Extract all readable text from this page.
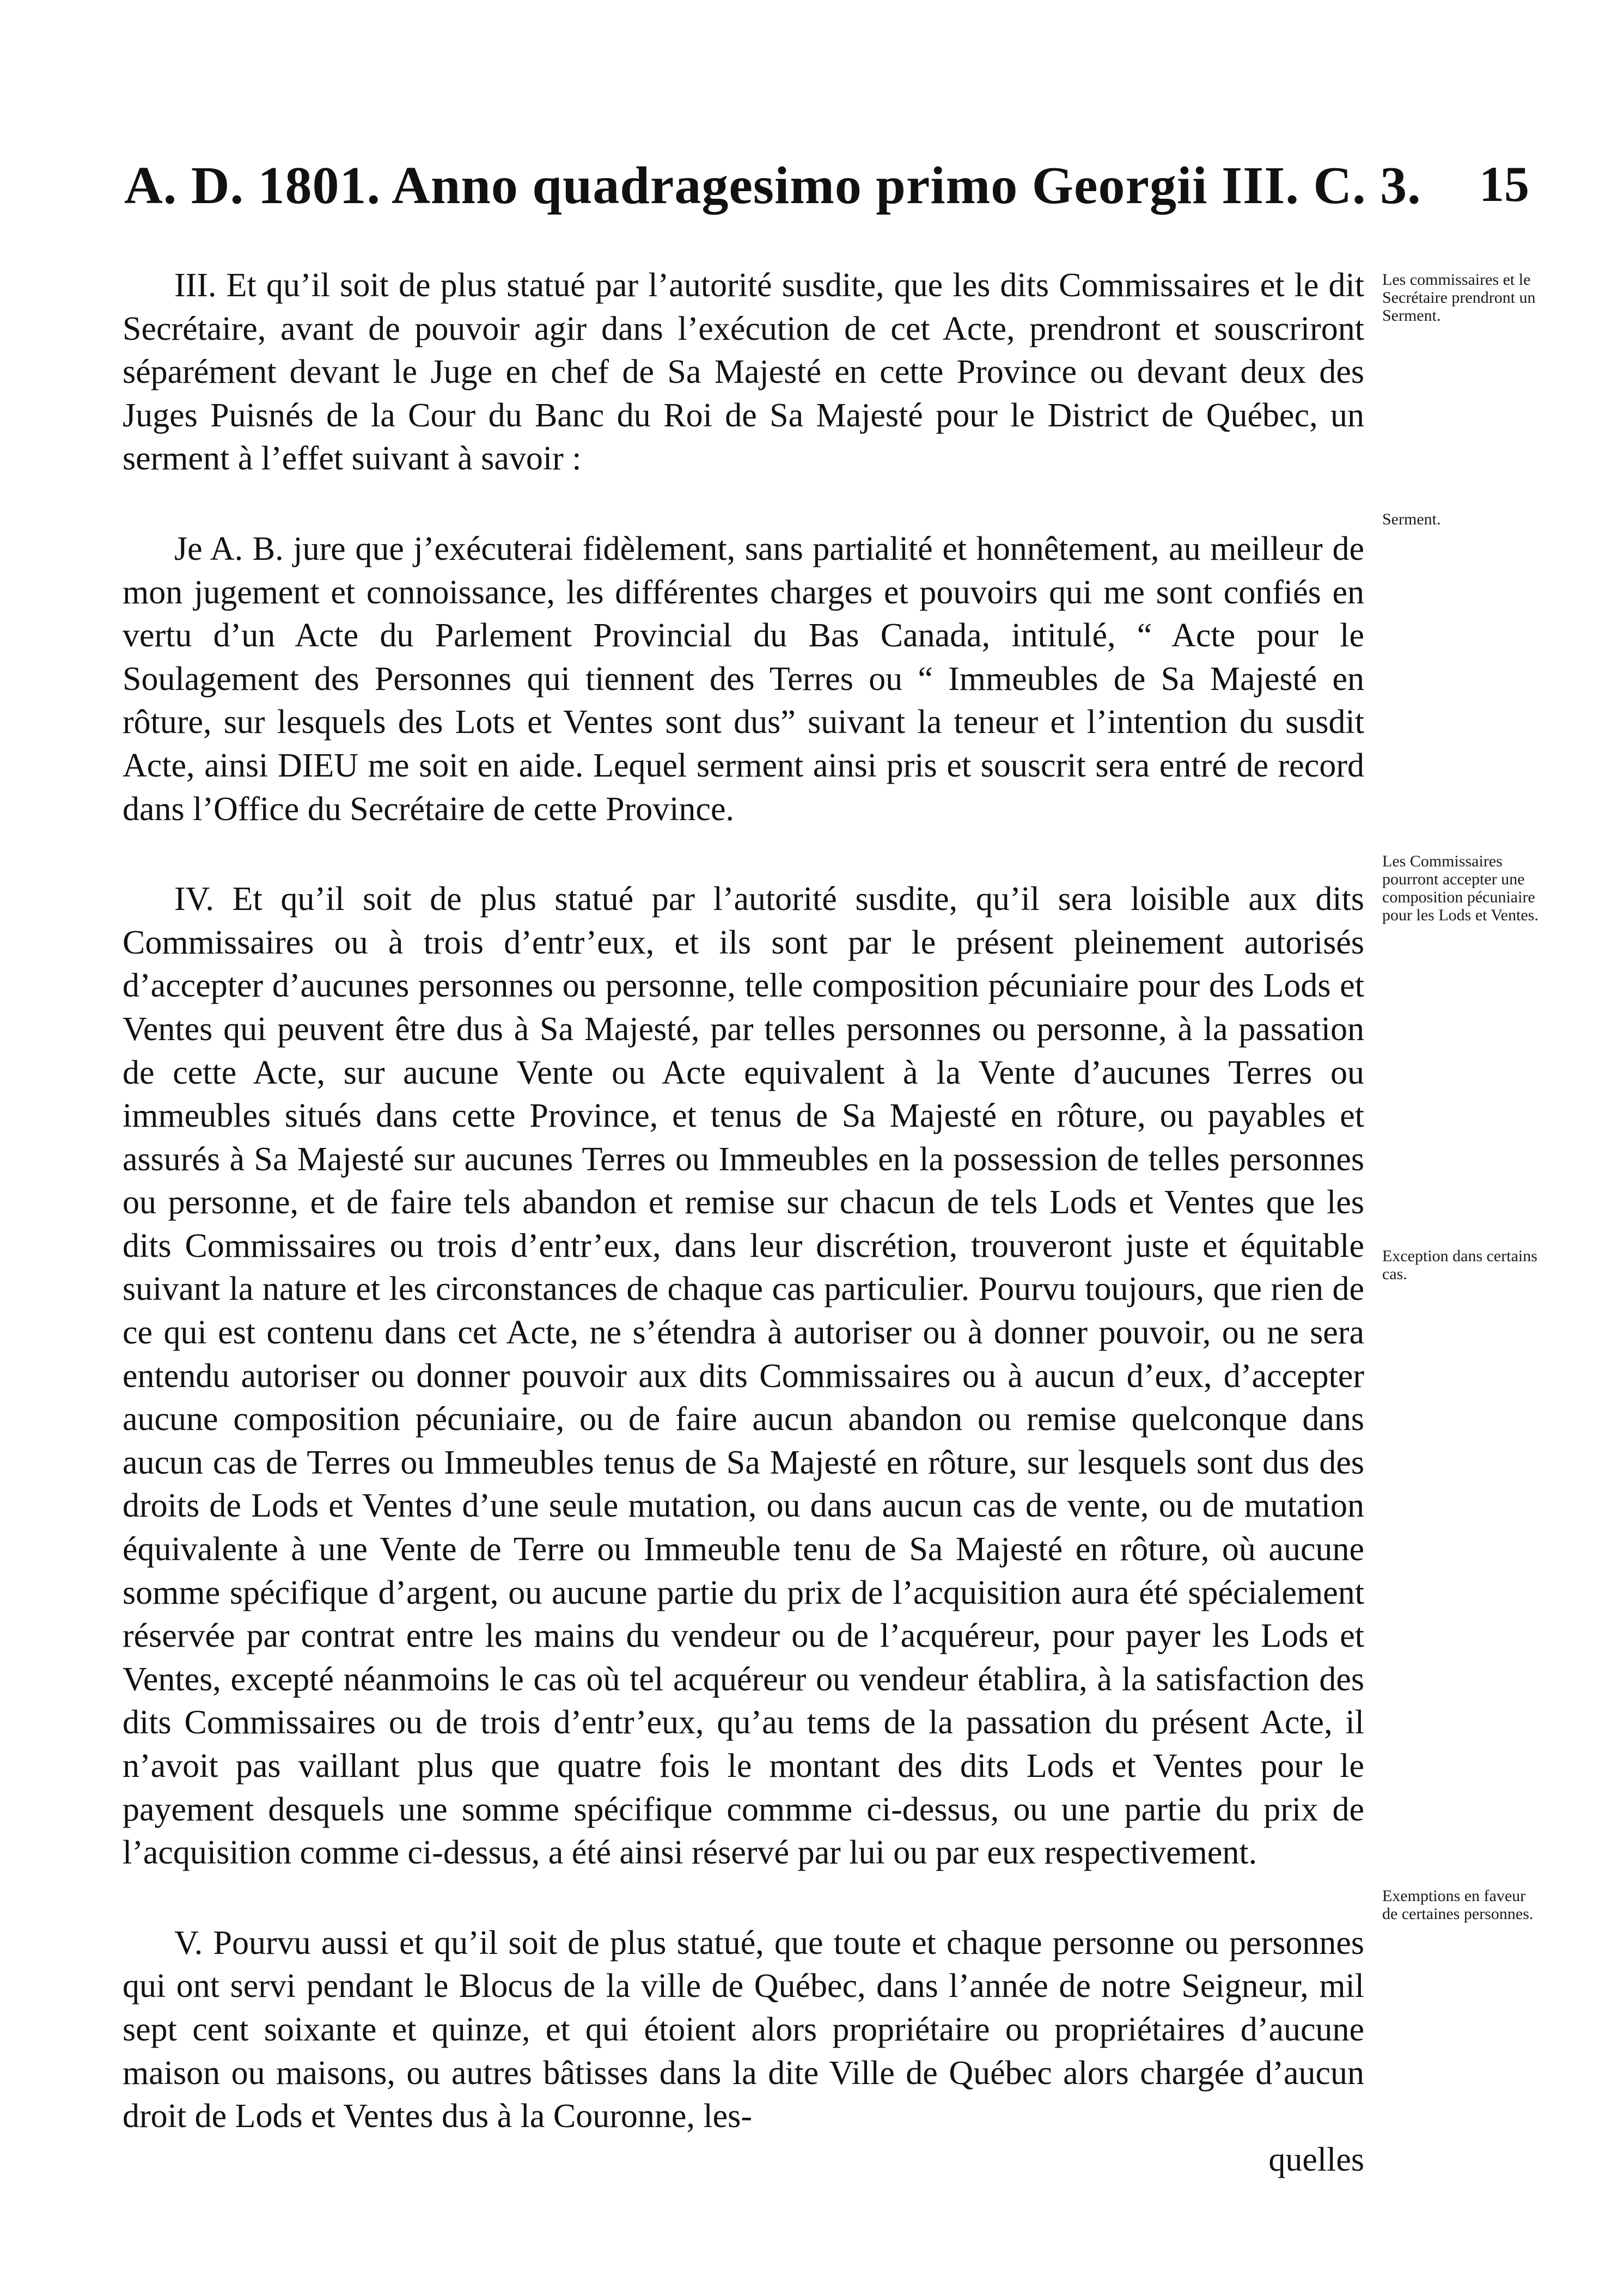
A. D. 1801. Anno quadragesimo primo Georgii III. C. 3. 15

III. Et qu’il soit de plus statué par l’autorité susdite, que les dits Commissaires et le dit Secrétaire, avant de pouvoir agir dans l’exécution de cet Acte, prendront et souscriront séparément devant le Juge en chef de Sa Majesté en cette Province ou devant deux des Juges Puisnés de la Cour du Banc du Roi de Sa Majesté pour le District de Québec, un serment à l’effet suivant à savoir :

Je A. B. jure que j’exécuterai fidèlement, sans partialité et honnêtement, au meilleur de mon jugement et connoissance, les différentes charges et pouvoirs qui me sont confiés en vertu d’un Acte du Parlement Provincial du Bas Canada, intitulé, “ Acte pour le Soulagement des Personnes qui tiennent des Terres ou “ Immeubles de Sa Majesté en rôture, sur lesquels des Lots et Ventes sont dus” suivant la teneur et l’intention du susdit Acte, ainsi DIEU me soit en aide. Lequel serment ainsi pris et souscrit sera entré de record dans l’Office du Secrétaire de cette Province.

IV. Et qu’il soit de plus statué par l’autorité susdite, qu’il sera loisible aux dits Commissaires ou à trois d’entr’eux, et ils sont par le présent pleinement autorisés d’accepter d’aucunes personnes ou personne, telle composition pécuniaire pour des Lods et Ventes qui peuvent être dus à Sa Majesté, par telles personnes ou personne, à la passation de cette Acte, sur aucune Vente ou Acte equivalent à la Vente d’aucunes Terres ou immeubles situés dans cette Province, et tenus de Sa Majesté en rôture, ou payables et assurés à Sa Majesté sur aucunes Terres ou Immeubles en la possession de telles personnes ou personne, et de faire tels abandon et remise sur chacun de tels Lods et Ventes que les dits Commissaires ou trois d’entr’eux, dans leur discrétion, trouveront juste et équitable suivant la nature et les circonstances de chaque cas particulier. Pourvu toujours, que rien de ce qui est contenu dans cet Acte, ne s’étendra à autoriser ou à donner pouvoir, ou ne sera entendu autoriser ou donner pouvoir aux dits Commissaires ou à aucun d’eux, d’accepter aucune composition pécuniaire, ou de faire aucun abandon ou remise quelconque dans aucun cas de Terres ou Immeubles tenus de Sa Majesté en rôture, sur lesquels sont dus des droits de Lods et Ventes d’une seule mutation, ou dans aucun cas de vente, ou de mutation équivalente à une Vente de Terre ou Immeuble tenu de Sa Majesté en rôture, où aucune somme spécifique d’argent, ou aucune partie du prix de l’acquisition aura été spécialement réservée par contrat entre les mains du vendeur ou de l’acquéreur, pour payer les Lods et Ventes, excepté néanmoins le cas où tel acquéreur ou vendeur établira, à la satisfaction des dits Commissaires ou de trois d’entr’eux, qu’au tems de la passation du présent Acte, il n’avoit pas vaillant plus que quatre fois le montant des dits Lods et Ventes pour le payement desquels une somme spécifique commme ci-dessus, ou une partie du prix de l’acquisition comme ci-dessus, a été ainsi réservé par lui ou par eux respectivement.

V. Pourvu aussi et qu’il soit de plus statué, que toute et chaque personne ou personnes qui ont servi pendant le Blocus de la ville de Québec, dans l’année de notre Seigneur, mil sept cent soixante et quinze, et qui étoient alors propriétaire ou propriétaires d’aucune maison ou maisons, ou autres bâtisses dans la dite Ville de Québec alors chargée d’aucun droit de Lods et Ventes dus à la Couronne, les-

quelles

Les commissaires et le Secrétaire prendront un Serment.
Serment.
Les Commissaires pourront accepter une composition pécuniaire pour les Lods et Ventes.
Exception dans certains cas.
Exemptions en faveur de certaines personnes.
